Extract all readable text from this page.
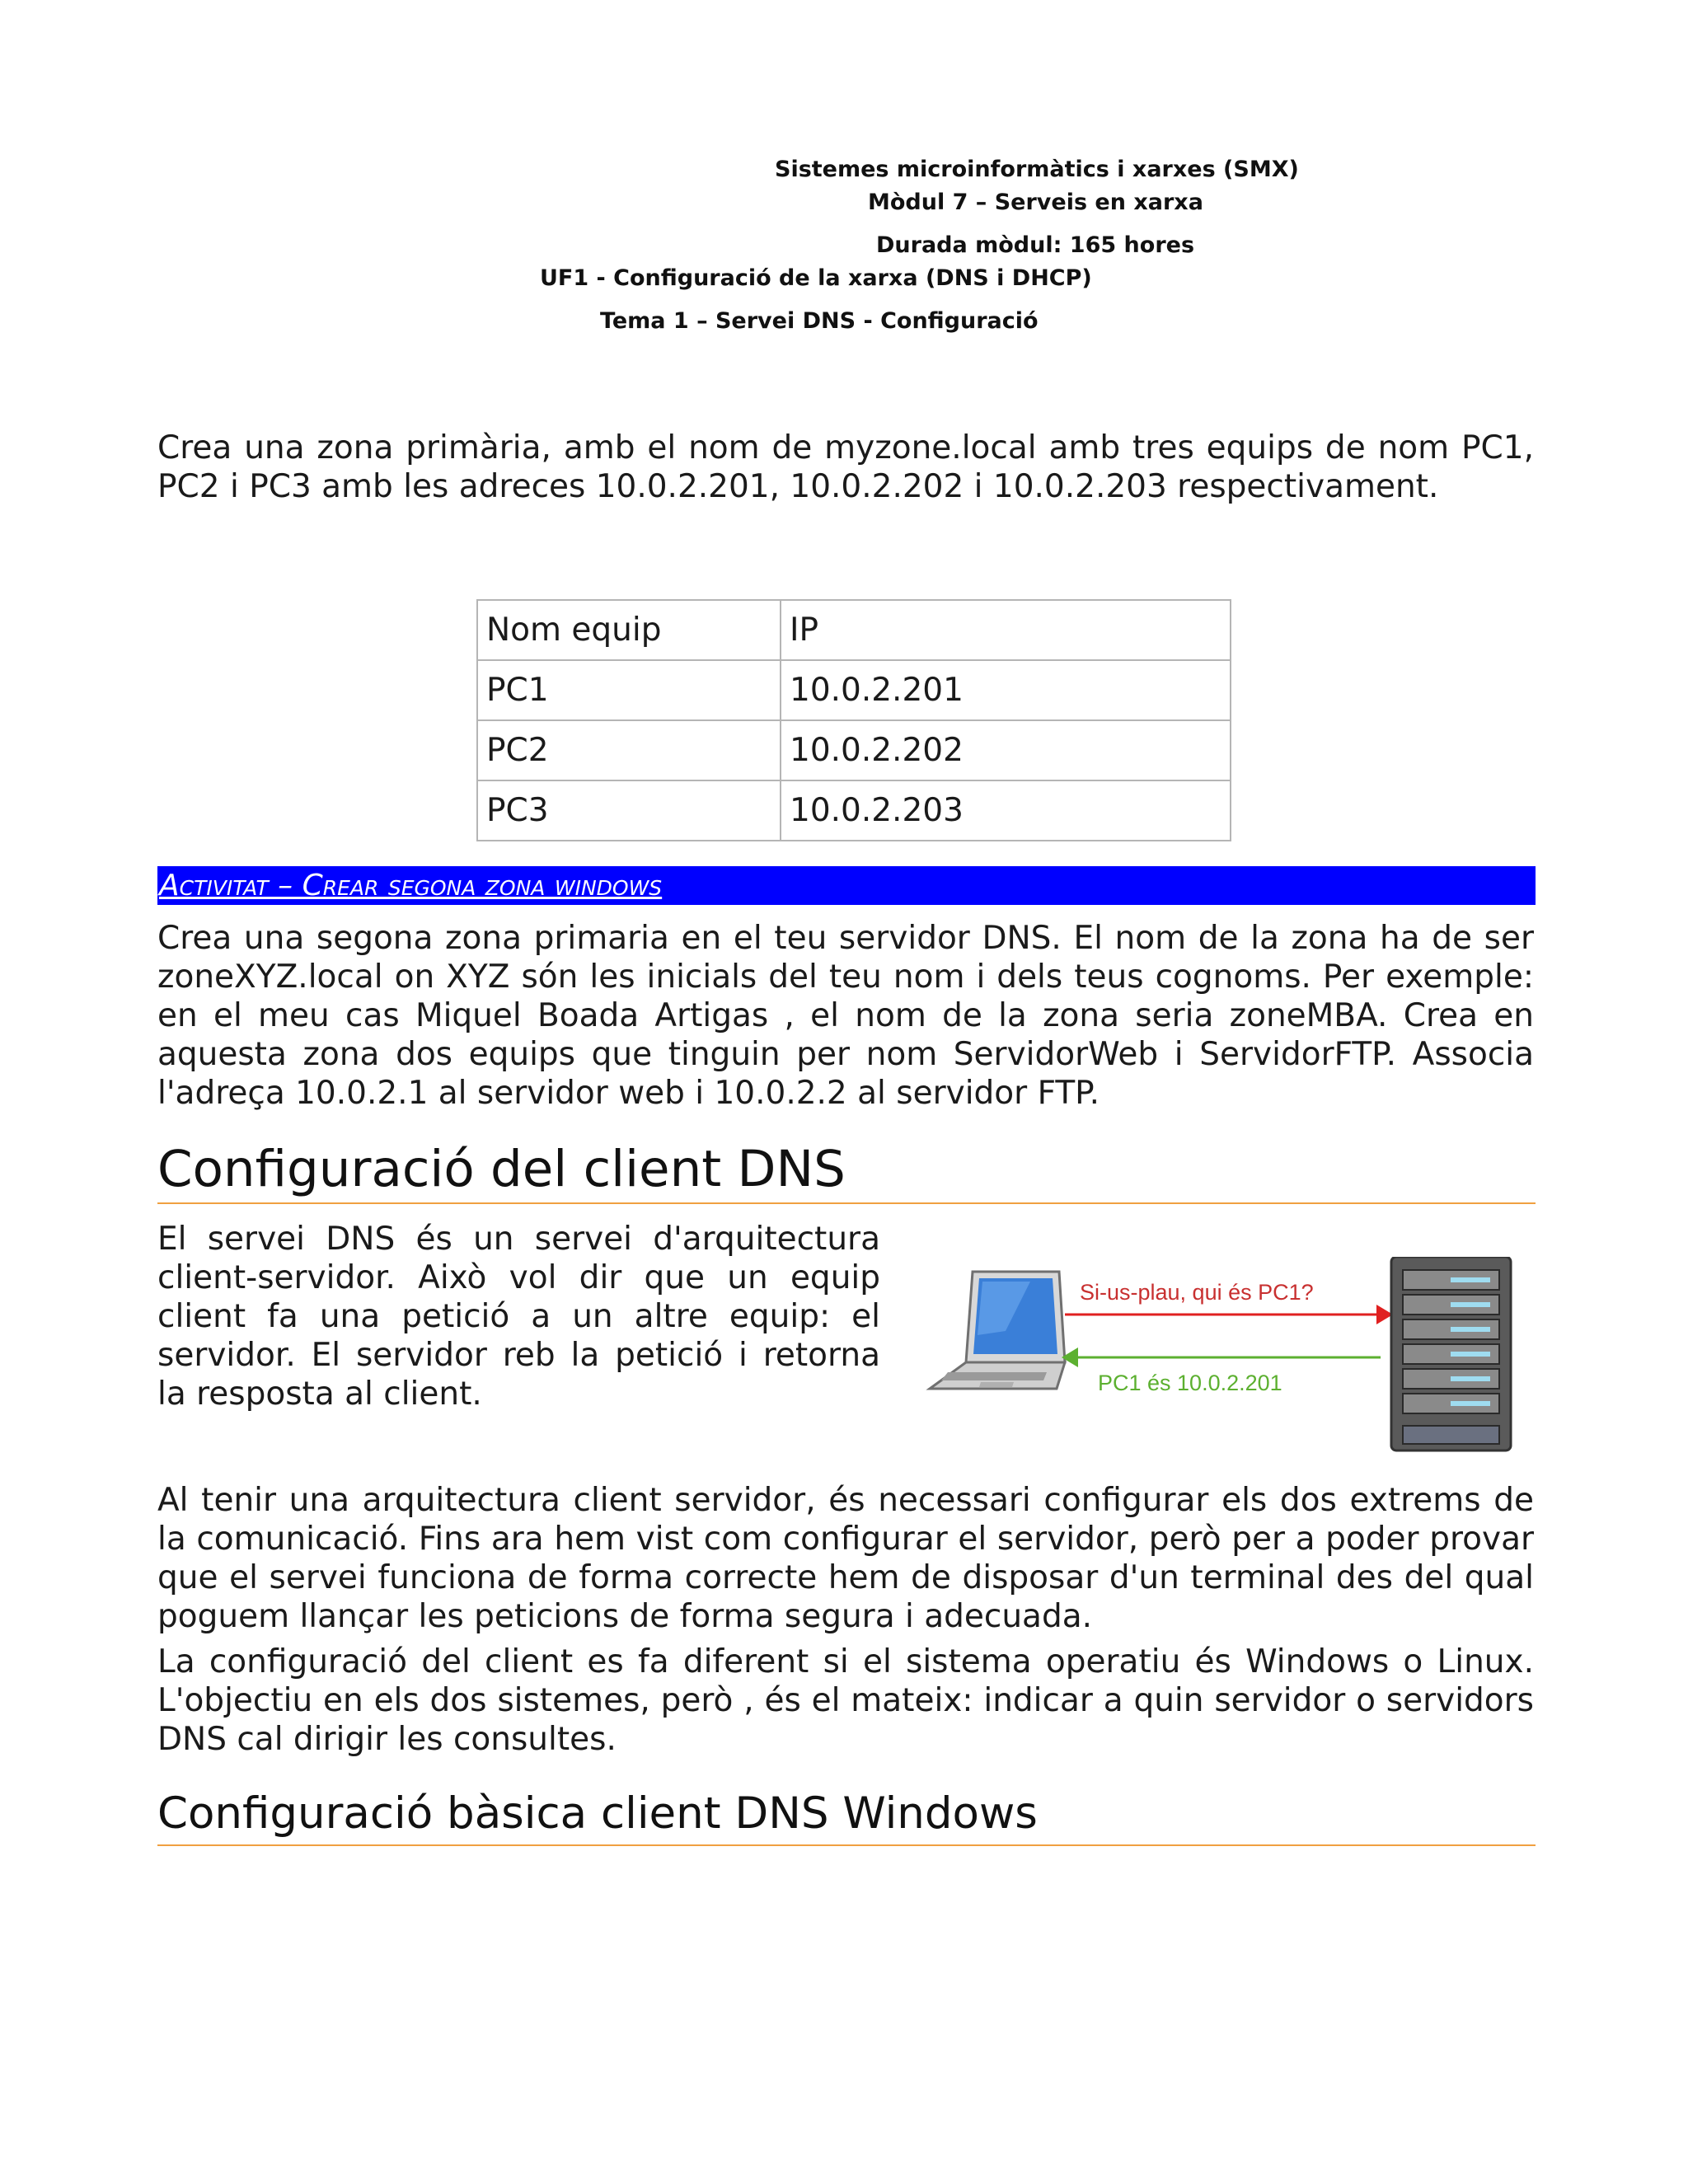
Sistemes microinformàtics i xarxes (SMX)
Mòdul 7 – Serveis en xarxa
Durada mòdul: 165 hores
UF1 - Configuració de la xarxa (DNS i DHCP)
Tema 1 – Servei DNS - Configuració
Crea una zona primària, amb el nom de myzone.local amb tres equips de nom PC1, PC2 i PC3 amb les adreces 10.0.2.201, 10.0.2.202 i 10.0.2.203 respectivament.
Nom equip	IP
PC1	10.0.2.201
PC2	10.0.2.202
PC3	10.0.2.203
Activitat – Crear segona zona windows
Crea una segona zona primaria en el teu servidor DNS. El nom de la zona ha de ser zoneXYZ.local on XYZ són les inicials del teu nom i dels teus cognoms. Per exemple: en el meu cas Miquel Boada Artigas , el nom de la zona seria zoneMBA. Crea en aquesta zona dos equips que tinguin per nom ServidorWeb i ServidorFTP. Associa l'adreça 10.0.2.1 al servidor web i 10.0.2.2 al servidor FTP.
Configuració del client DNS
El servei DNS és un servei d'arquitectura client-servidor. Això vol dir que un equip client fa una petició a un altre equip: el servidor. El servidor reb la petició i retorna la resposta al client.
Si-us-plau, qui és PC1?
PC1 és 10.0.2.201
Al tenir una arquitectura client servidor, és necessari configurar els dos extrems de la comunicació. Fins ara hem vist com configurar el servidor, però per a poder provar que el servei funciona de forma correcte hem de disposar d'un terminal des del qual poguem llançar les peticions de forma segura i adecuada.
La configuració del client es fa diferent si el sistema operatiu és Windows o Linux. L'objectiu en els dos sistemes, però , és el mateix: indicar a quin servidor o servidors DNS cal dirigir les consultes.
Configuració bàsica client DNS Windows
